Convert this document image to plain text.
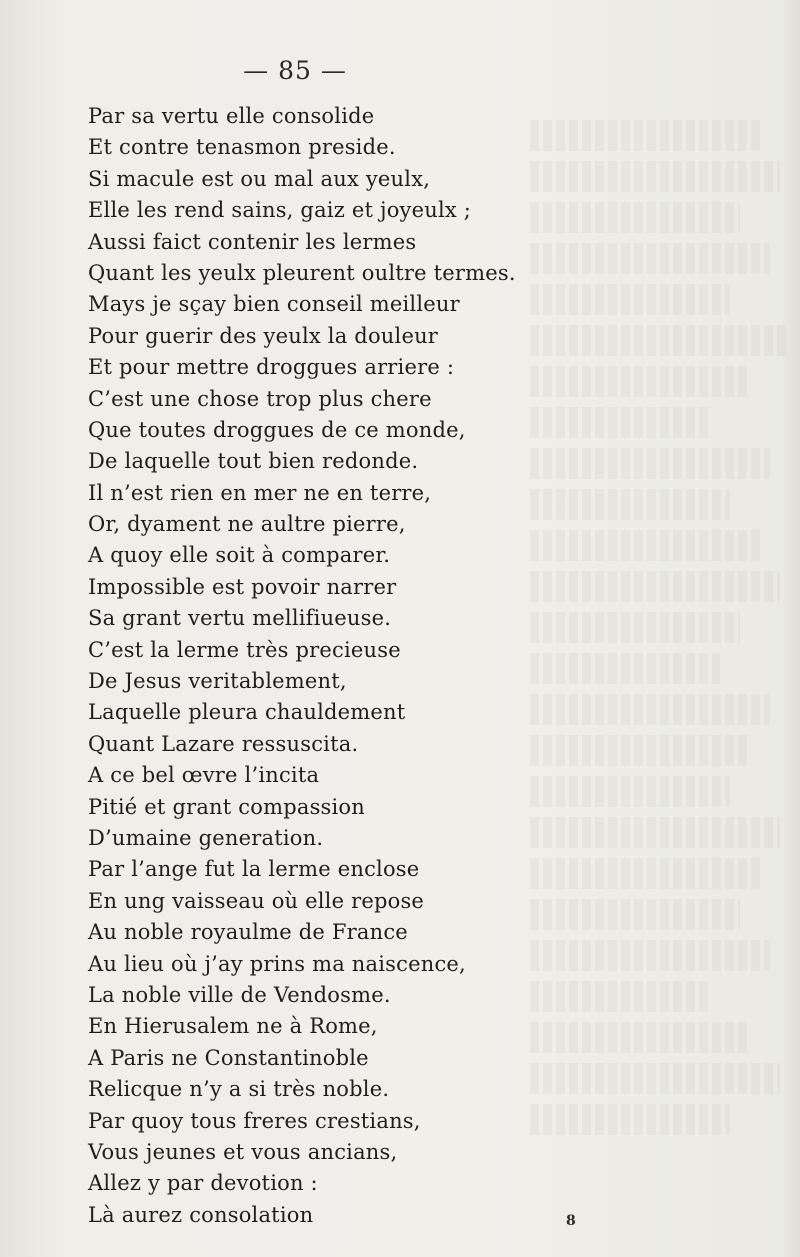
— 85 —
Par sa vertu elle consolide
Et contre tenasmon preside.
Si macule est ou mal aux yeulx,
Elle les rend sains, gaiz et joyeulx ;
Aussi faict contenir les lermes
Quant les yeulx pleurent oultre termes.
Mays je sçay bien conseil meilleur
Pour guerir des yeulx la douleur
Et pour mettre droggues arriere :
C’est une chose trop plus chere
Que toutes droggues de ce monde,
De laquelle tout bien redonde.
Il n’est rien en mer ne en terre,
Or, dyament ne aultre pierre,
A quoy elle soit à comparer.
Impossible est povoir narrer
Sa grant vertu mellifiueuse.
C’est la lerme très precieuse
De Jesus veritablement,
Laquelle pleura chauldement
Quant Lazare ressuscita.
A ce bel œvre l’incita
Pitié et grant compassion
D’umaine generation.
Par l’ange fut la lerme enclose
En ung vaisseau où elle repose
Au noble royaulme de France
Au lieu où j’ay prins ma naiscence,
La noble ville de Vendosme.
En Hierusalem ne à Rome,
A Paris ne Constantinoble
Relicque n’y a si très noble.
Par quoy tous freres crestians,
Vous jeunes et vous ancians,
Allez y par devotion :
Là aurez consolation	8
